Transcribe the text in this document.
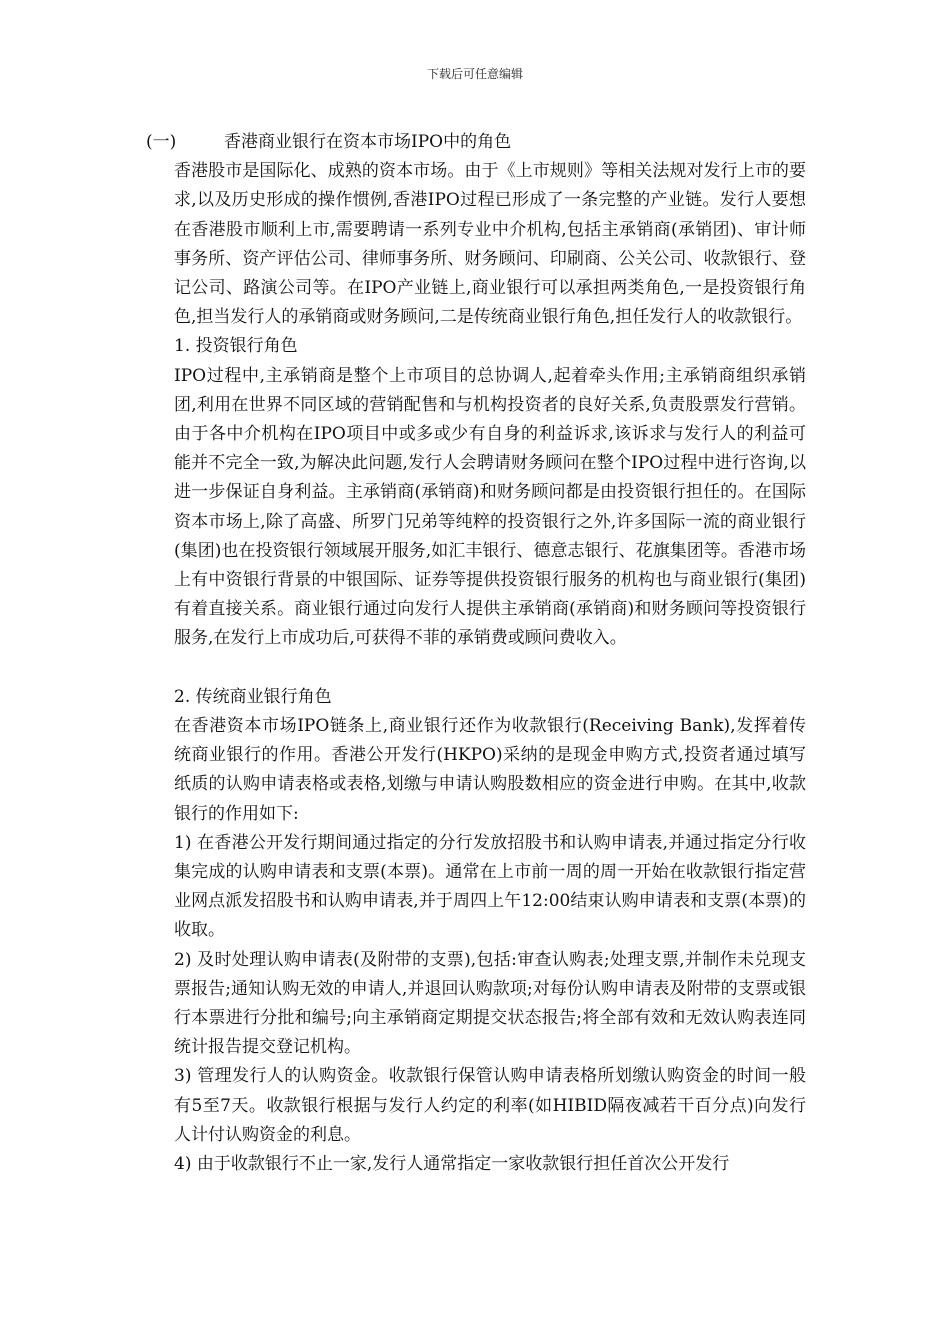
下载后可任意编辑
(一)	香港商业银行在资本市场IPO中的角色

香港股市是国际化、成熟的资本市场。由于《上市规则》等相关法规对发行上市的要求,以及历史形成的操作惯例,香港IPO过程已形成了一条完整的产业链。发行人要想在香港股市顺利上市,需要聘请一系列专业中介机构,包括主承销商(承销团)、审计师事务所、资产评估公司、律师事务所、财务顾问、印刷商、公关公司、收款银行、登记公司、路演公司等。在IPO产业链上,商业银行可以承担两类角色,一是投资银行角色,担当发行人的承销商或财务顾问,二是传统商业银行角色,担任发行人的收款银行。

1. 投资银行角色

IPO过程中,主承销商是整个上市项目的总协调人,起着牵头作用;主承销商组织承销团,利用在世界不同区域的营销配售和与机构投资者的良好关系,负责股票发行营销。由于各中介机构在IPO项目中或多或少有自身的利益诉求,该诉求与发行人的利益可能并不完全一致,为解决此问题,发行人会聘请财务顾问在整个IPO过程中进行咨询,以进一步保证自身利益。主承销商(承销商)和财务顾问都是由投资银行担任的。在国际资本市场上,除了高盛、所罗门兄弟等纯粹的投资银行之外,许多国际一流的商业银行(集团)也在投资银行领域展开服务,如汇丰银行、德意志银行、花旗集团等。香港市场上有中资银行背景的中银国际、证券等提供投资银行服务的机构也与商业银行(集团)有着直接关系。商业银行通过向发行人提供主承销商(承销商)和财务顾问等投资银行服务,在发行上市成功后,可获得不菲的承销费或顾问费收入。

2. 传统商业银行角色

在香港资本市场IPO链条上,商业银行还作为收款银行(Receiving Bank),发挥着传统商业银行的作用。香港公开发行(HKPO)采纳的是现金申购方式,投资者通过填写纸质的认购申请表格或表格,划缴与申请认购股数相应的资金进行申购。在其中,收款银行的作用如下:

1) 在香港公开发行期间通过指定的分行发放招股书和认购申请表,并通过指定分行收集完成的认购申请表和支票(本票)。通常在上市前一周的周一开始在收款银行指定营业网点派发招股书和认购申请表,并于周四上午12:00结束认购申请表和支票(本票)的收取。

2) 及时处理认购申请表(及附带的支票),包括:审查认购表;处理支票,并制作未兑现支票报告;通知认购无效的申请人,并退回认购款项;对每份认购申请表及附带的支票或银行本票进行分批和编号;向主承销商定期提交状态报告;将全部有效和无效认购表连同统计报告提交登记机构。

3) 管理发行人的认购资金。收款银行保管认购申请表格所划缴认购资金的时间一般有5至7天。收款银行根据与发行人约定的利率(如HIBID隔夜减若干百分点)向发行人计付认购资金的利息。

4) 由于收款银行不止一家,发行人通常指定一家收款银行担任首次公开发行
